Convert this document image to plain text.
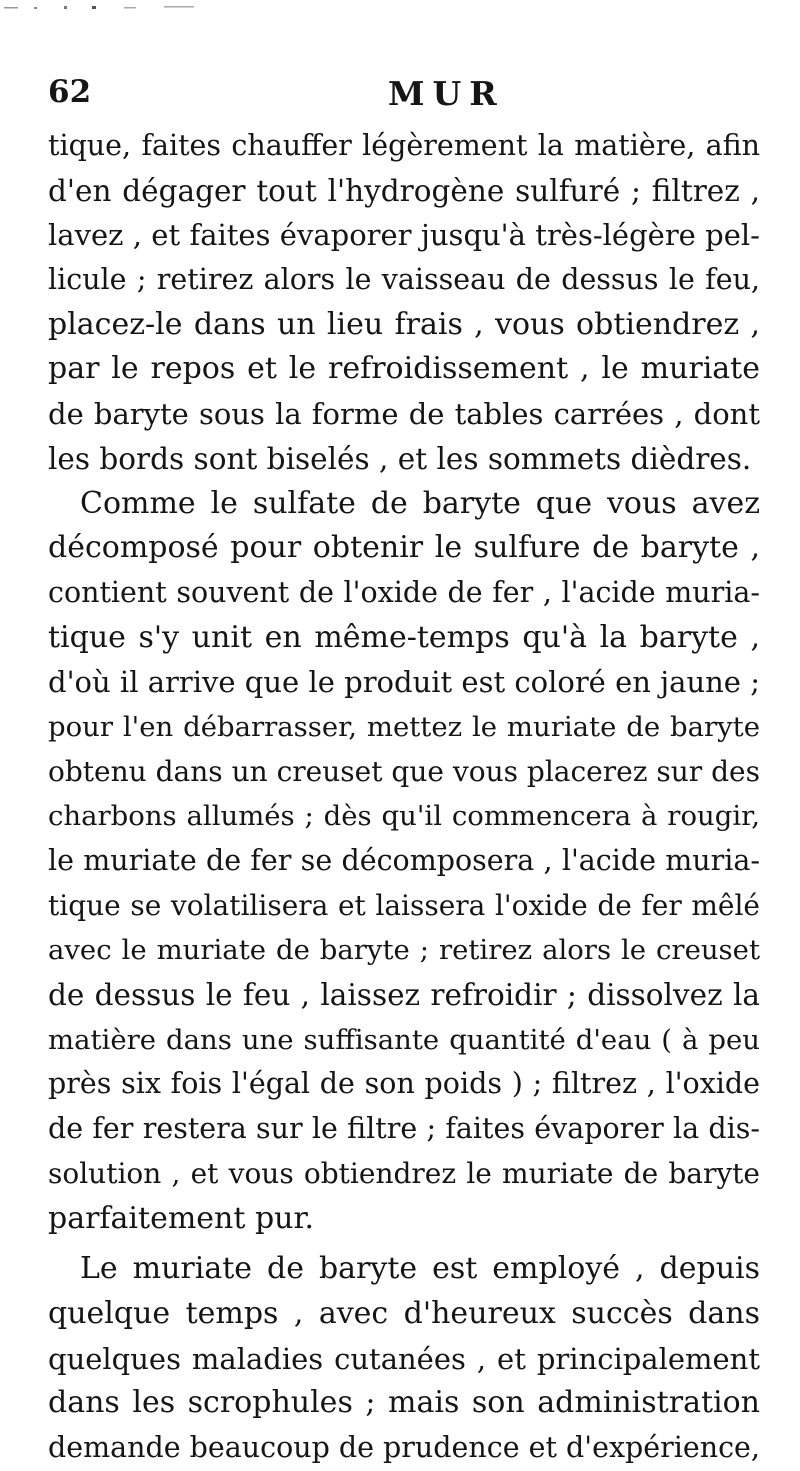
62	MUR
tique, faites chauffer légèrement la matière, afin
d'en dégager tout l'hydrogène sulfuré ; filtrez ,
lavez , et faites évaporer jusqu'à très-légère pel-
licule ; retirez alors le vaisseau de dessus le feu,
placez-le dans un lieu frais , vous obtiendrez ,
par le repos et le refroidissement , le muriate
de baryte sous la forme de tables carrées , dont
les bords sont biselés , et les sommets dièdres.
Comme le sulfate de baryte que vous avez
décomposé pour obtenir le sulfure de baryte ,
contient souvent de l'oxide de fer , l'acide muria-
tique s'y unit en même-temps qu'à la baryte ,
d'où il arrive que le produit est coloré en jaune ;
pour l'en débarrasser, mettez le muriate de baryte
obtenu dans un creuset que vous placerez sur des
charbons allumés ; dès qu'il commencera à rougir,
le muriate de fer se décomposera , l'acide muria-
tique se volatilisera et laissera l'oxide de fer mêlé
avec le muriate de baryte ; retirez alors le creuset
de dessus le feu , laissez refroidir ; dissolvez la
matière dans une suffisante quantité d'eau ( à peu
près six fois l'égal de son poids ) ; filtrez , l'oxide
de fer restera sur le filtre ; faites évaporer la dis-
solution , et vous obtiendrez le muriate de baryte
parfaitement pur.
Le muriate de baryte est employé , depuis
quelque temps , avec d'heureux succès dans
quelques maladies cutanées , et principalement
dans les scrophules ; mais son administration
demande beaucoup de prudence et d'expérience,
